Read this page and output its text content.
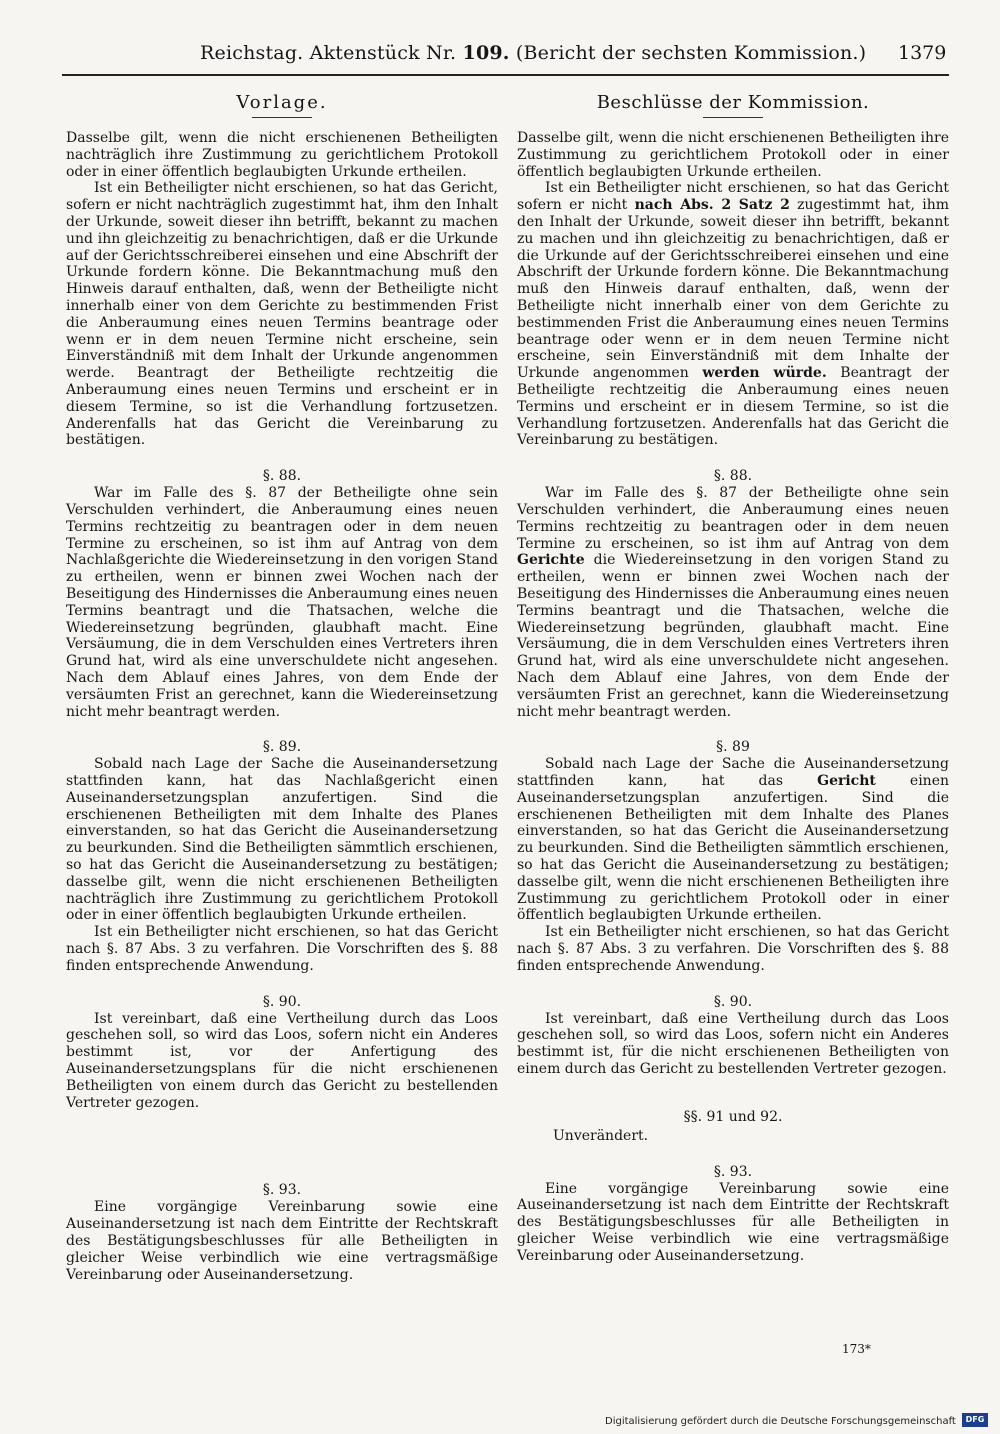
Reichstag. Aktenstück Nr. 109. (Bericht der sechsten Kommission.) 1379
Vorlage.

Dasselbe gilt, wenn die nicht erschienenen Betheiligten nachträglich ihre Zustimmung zu gerichtlichem Protokoll oder in einer öffentlich beglaubigten Urkunde ertheilen.

Ist ein Betheiligter nicht erschienen, so hat das Gericht, sofern er nicht nachträglich zugestimmt hat, ihm den Inhalt der Urkunde, soweit dieser ihn betrifft, bekannt zu machen und ihn gleichzeitig zu benachrichtigen, daß er die Urkunde auf der Gerichtsschreiberei einsehen und eine Abschrift der Urkunde fordern könne. Die Bekanntmachung muß den Hinweis darauf enthalten, daß, wenn der Betheiligte nicht innerhalb einer von dem Gerichte zu bestimmenden Frist die Anberaumung eines neuen Termins beantrage oder wenn er in dem neuen Termine nicht erscheine, sein Einverständniß mit dem Inhalt der Urkunde angenommen werde. Beantragt der Betheiligte rechtzeitig die Anberaumung eines neuen Termins und erscheint er in diesem Termine, so ist die Verhandlung fortzusetzen. Anderenfalls hat das Gericht die Vereinbarung zu bestätigen.

§. 88.

War im Falle des §. 87 der Betheiligte ohne sein Verschulden verhindert, die Anberaumung eines neuen Termins rechtzeitig zu beantragen oder in dem neuen Termine zu erscheinen, so ist ihm auf Antrag von dem Nachlaßgerichte die Wiedereinsetzung in den vorigen Stand zu ertheilen, wenn er binnen zwei Wochen nach der Beseitigung des Hindernisses die Anberaumung eines neuen Termins beantragt und die Thatsachen, welche die Wiedereinsetzung begründen, glaubhaft macht. Eine Versäumung, die in dem Verschulden eines Vertreters ihren Grund hat, wird als eine unverschuldete nicht angesehen. Nach dem Ablauf eines Jahres, von dem Ende der versäumten Frist an gerechnet, kann die Wiedereinsetzung nicht mehr beantragt werden.

§. 89.

Sobald nach Lage der Sache die Auseinandersetzung stattfinden kann, hat das Nachlaßgericht einen Auseinandersetzungsplan anzufertigen. Sind die erschienenen Betheiligten mit dem Inhalte des Planes einverstanden, so hat das Gericht die Auseinandersetzung zu beurkunden. Sind die Betheiligten sämmtlich erschienen, so hat das Gericht die Auseinandersetzung zu bestätigen; dasselbe gilt, wenn die nicht erschienenen Betheiligten nachträglich ihre Zustimmung zu gerichtlichem Protokoll oder in einer öffentlich beglaubigten Urkunde ertheilen.

Ist ein Betheiligter nicht erschienen, so hat das Gericht nach §. 87 Abs. 3 zu verfahren. Die Vorschriften des §. 88 finden entsprechende Anwendung.

§. 90.

Ist vereinbart, daß eine Vertheilung durch das Loos geschehen soll, so wird das Loos, sofern nicht ein Anderes bestimmt ist, vor der Anfertigung des Auseinandersetzungsplans für die nicht erschienenen Betheiligten von einem durch das Gericht zu bestellenden Vertreter gezogen.

§. 93.

Eine vorgängige Vereinbarung sowie eine Auseinandersetzung ist nach dem Eintritte der Rechtskraft des Bestätigungsbeschlusses für alle Betheiligten in gleicher Weise verbindlich wie eine vertragsmäßige Vereinbarung oder Auseinandersetzung.

Beschlüsse der Kommission.

Dasselbe gilt, wenn die nicht erschienenen Betheiligten ihre Zustimmung zu gerichtlichem Protokoll oder in einer öffentlich beglaubigten Urkunde ertheilen.

Ist ein Betheiligter nicht erschienen, so hat das Gericht sofern er nicht nach Abs. 2 Satz 2 zugestimmt hat, ihm den Inhalt der Urkunde, soweit dieser ihn betrifft, bekannt zu machen und ihn gleichzeitig zu benachrichtigen, daß er die Urkunde auf der Gerichtsschreiberei einsehen und eine Abschrift der Urkunde fordern könne. Die Bekanntmachung muß den Hinweis darauf enthalten, daß, wenn der Betheiligte nicht innerhalb einer von dem Gerichte zu bestimmenden Frist die Anberaumung eines neuen Termins beantrage oder wenn er in dem neuen Termine nicht erscheine, sein Einverständniß mit dem Inhalte der Urkunde angenommen werden würde. Beantragt der Betheiligte rechtzeitig die Anberaumung eines neuen Termins und erscheint er in diesem Termine, so ist die Verhandlung fortzusetzen. Anderenfalls hat das Gericht die Vereinbarung zu bestätigen.

§. 88.

War im Falle des §. 87 der Betheiligte ohne sein Verschulden verhindert, die Anberaumung eines neuen Termins rechtzeitig zu beantragen oder in dem neuen Termine zu erscheinen, so ist ihm auf Antrag von dem Gerichte die Wiedereinsetzung in den vorigen Stand zu ertheilen, wenn er binnen zwei Wochen nach der Beseitigung des Hindernisses die Anberaumung eines neuen Termins beantragt und die Thatsachen, welche die Wiedereinsetzung begründen, glaubhaft macht. Eine Versäumung, die in dem Verschulden eines Vertreters ihren Grund hat, wird als eine unverschuldete nicht angesehen. Nach dem Ablauf eine Jahres, von dem Ende der versäumten Frist an gerechnet, kann die Wiedereinsetzung nicht mehr beantragt werden.

§. 89

Sobald nach Lage der Sache die Auseinandersetzung stattfinden kann, hat das Gericht einen Auseinandersetzungsplan anzufertigen. Sind die erschienenen Betheiligten mit dem Inhalte des Planes einverstanden, so hat das Gericht die Auseinandersetzung zu beurkunden. Sind die Betheiligten sämmtlich erschienen, so hat das Gericht die Auseinandersetzung zu bestätigen; dasselbe gilt, wenn die nicht erschienenen Betheiligten ihre Zustimmung zu gerichtlichem Protokoll oder in einer öffentlich beglaubigten Urkunde ertheilen.

Ist ein Betheiligter nicht erschienen, so hat das Gericht nach §. 87 Abs. 3 zu verfahren. Die Vorschriften des §. 88 finden entsprechende Anwendung.

§. 90.

Ist vereinbart, daß eine Vertheilung durch das Loos geschehen soll, so wird das Loos, sofern nicht ein Anderes bestimmt ist, für die nicht erschienenen Betheiligten von einem durch das Gericht zu bestellenden Vertreter gezogen.

§§. 91 und 92.
Unverändert.
§. 93.

Eine vorgängige Vereinbarung sowie eine Auseinandersetzung ist nach dem Eintritte der Rechtskraft des Bestätigungsbeschlusses für alle Betheiligten in gleicher Weise verbindlich wie eine vertragsmäßige Vereinbarung oder Auseinandersetzung.

173*
Digitalisierung gefördert durch die Deutsche Forschungsgemeinschaft	DFG
